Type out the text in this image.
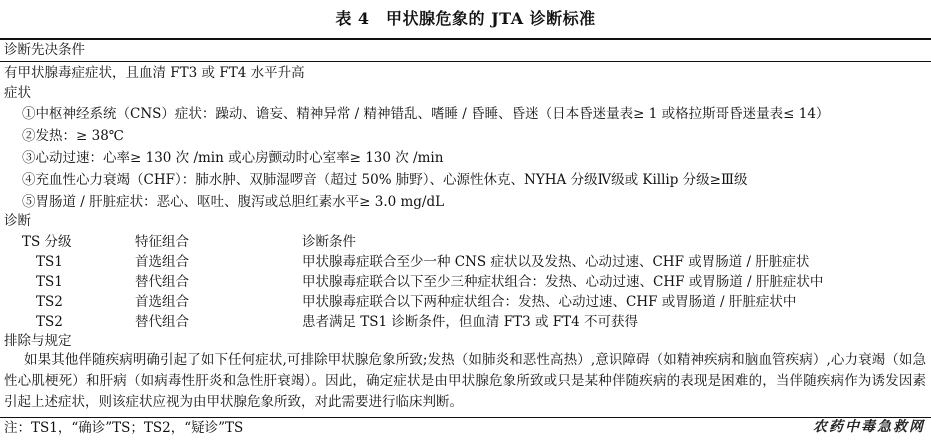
表 4　甲状腺危象的 JTA 诊断标准
诊断先决条件
有甲状腺毒症症状，且血清 FT3 或 FT4 水平升高
症状
①中枢神经系统（CNS）症状：躁动、谵妄、精神异常 / 精神错乱、嗜睡 / 昏睡、昏迷（日本昏迷量表≥ 1 或格拉斯哥昏迷量表≤ 14）
②发热：≥ 38℃
③心动过速：心率≥ 130 次 /min 或心房颤动时心室率≥ 130 次 /min
④充血性心力衰竭（CHF）：肺水肿、双肺湿啰音（超过 50% 肺野）、心源性休克、NYHA 分级Ⅳ级或 Killip 分级≥Ⅲ级
⑤胃肠道 / 肝脏症状：恶心、呕吐、腹泻或总胆红素水平≥ 3.0 mg/dL
诊断
TS 分级	特征组合	诊断条件
TS1	首选组合	甲状腺毒症联合至少一种 CNS 症状以及发热、心动过速、CHF 或胃肠道 / 肝脏症状
TS1	替代组合	甲状腺毒症联合以下至少三种症状组合：发热、心动过速、CHF 或胃肠道 / 肝脏症状中
TS2	首选组合	甲状腺毒症联合以下两种症状组合：发热、心动过速、CHF 或胃肠道 / 肝脏症状中
TS2	替代组合	患者满足 TS1 诊断条件，但血清 FT3 或 FT4 不可获得
排除与规定
如果其他伴随疾病明确引起了如下任何症状,可排除甲状腺危象所致;发热（如肺炎和恶性高热）,意识障碍（如精神疾病和脑血管疾病）,心力衰竭（如急性心肌梗死）和肝病（如病毒性肝炎和急性肝衰竭）。因此，确定症状是由甲状腺危象所致或只是某种伴随疾病的表现是困难的，当伴随疾病作为诱发因素引起上述症状，则该症状应视为由甲状腺危象所致，对此需要进行临床判断。
注：TS1，“确诊”TS；TS2，“疑诊”TS	农药中毒急救网
